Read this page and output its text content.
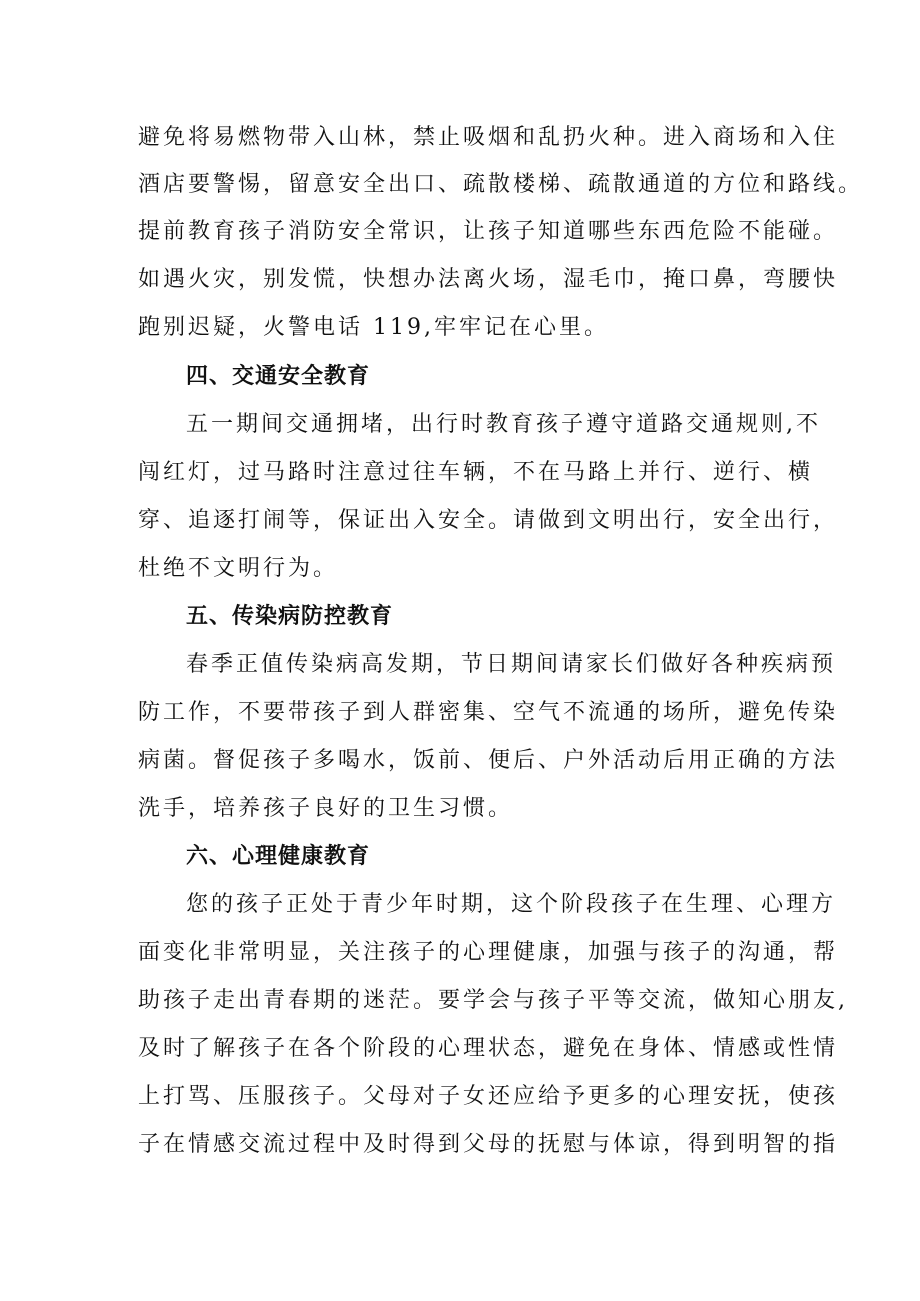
避免将易燃物带入山林，禁止吸烟和乱扔火种。进入商场和入住
酒店要警惕，留意安全出口、疏散楼梯、疏散通道的方位和路线。
提前教育孩子消防安全常识，让孩子知道哪些东西危险不能碰。
如遇火灾，别发慌，快想办法离火场，湿毛巾，掩口鼻，弯腰快
跑别迟疑，火警电话 119,牢牢记在心里。
四、交通安全教育
五一期间交通拥堵，出行时教育孩子遵守道路交通规则,不
闯红灯，过马路时注意过往车辆，不在马路上并行、逆行、横
穿、追逐打闹等，保证出入安全。请做到文明出行，安全出行，
杜绝不文明行为。
五、传染病防控教育
春季正值传染病高发期，节日期间请家长们做好各种疾病预
防工作，不要带孩子到人群密集、空气不流通的场所，避免传染
病菌。督促孩子多喝水，饭前、便后、户外活动后用正确的方法
洗手，培养孩子良好的卫生习惯。
六、心理健康教育
您的孩子正处于青少年时期，这个阶段孩子在生理、心理方
面变化非常明显，关注孩子的心理健康，加强与孩子的沟通，帮
助孩子走出青春期的迷茫。要学会与孩子平等交流，做知心朋友,
及时了解孩子在各个阶段的心理状态，避免在身体、情感或性情
上打骂、压服孩子。父母对子女还应给予更多的心理安抚，使孩
子在情感交流过程中及时得到父母的抚慰与体谅，得到明智的指
